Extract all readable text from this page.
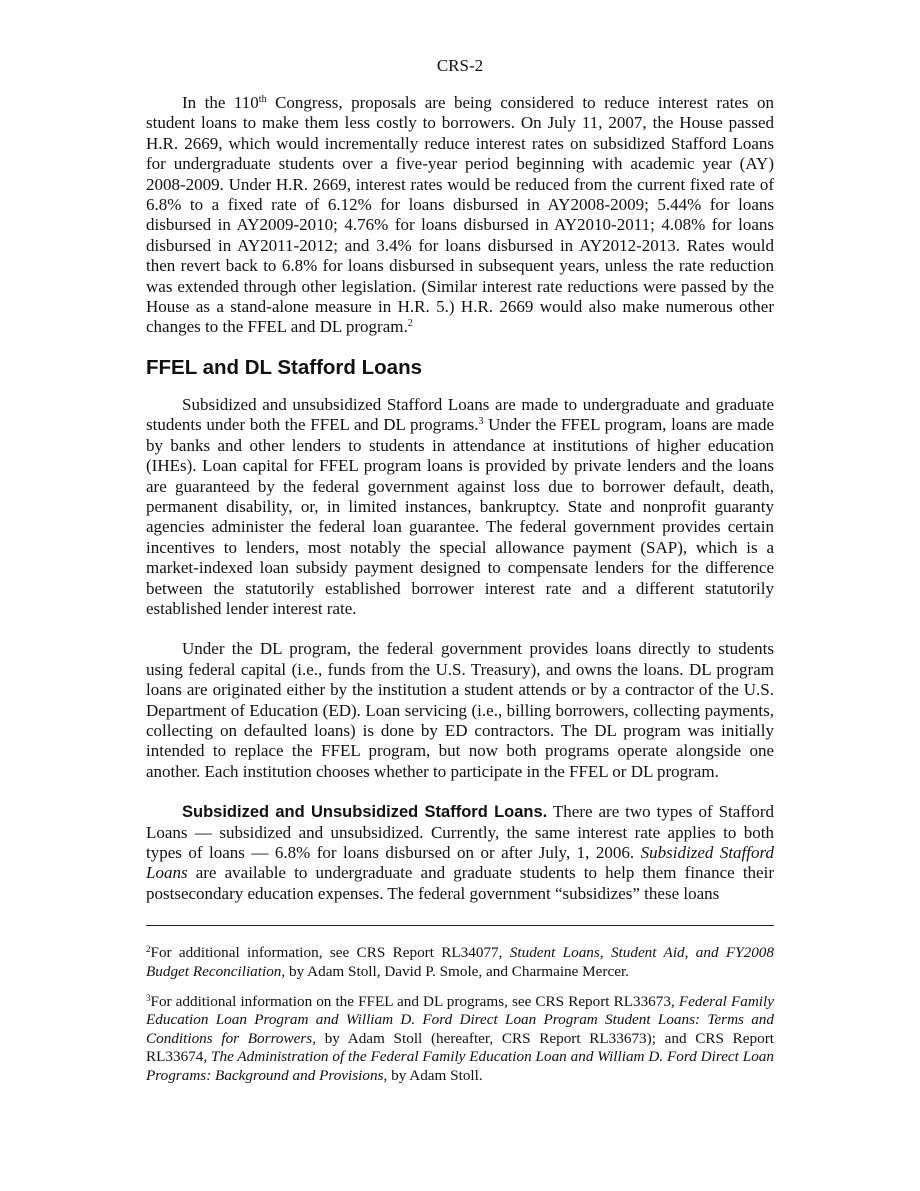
CRS-2

In the 110th Congress, proposals are being considered to reduce interest rates on student loans to make them less costly to borrowers. On July 11, 2007, the House passed H.R. 2669, which would incrementally reduce interest rates on subsidized Stafford Loans for undergraduate students over a five-year period beginning with academic year (AY) 2008-2009. Under H.R. 2669, interest rates would be reduced from the current fixed rate of 6.8% to a fixed rate of 6.12% for loans disbursed in AY2008-2009; 5.44% for loans disbursed in AY2009-2010; 4.76% for loans disbursed in AY2010-2011; 4.08% for loans disbursed in AY2011-2012; and 3.4% for loans disbursed in AY2012-2013. Rates would then revert back to 6.8% for loans disbursed in subsequent years, unless the rate reduction was extended through other legislation. (Similar interest rate reductions were passed by the House as a stand-alone measure in H.R. 5.) H.R. 2669 would also make numerous other changes to the FFEL and DL program.$^2$

FFEL and DL Stafford Loans

Subsidized and unsubsidized Stafford Loans are made to undergraduate and graduate students under both the FFEL and DL programs.$^3$ Under the FFEL program, loans are made by banks and other lenders to students in attendance at institutions of higher education (IHEs). Loan capital for FFEL program loans is provided by private lenders and the loans are guaranteed by the federal government against loss due to borrower default, death, permanent disability, or, in limited instances, bankruptcy. State and nonprofit guaranty agencies administer the federal loan guarantee. The federal government provides certain incentives to lenders, most notably the special allowance payment (SAP), which is a market-indexed loan subsidy payment designed to compensate lenders for the difference between the statutorily established borrower interest rate and a different statutorily established lender interest rate.

Under the DL program, the federal government provides loans directly to students using federal capital (i.e., funds from the U.S. Treasury), and owns the loans. DL program loans are originated either by the institution a student attends or by a contractor of the U.S. Department of Education (ED). Loan servicing (i.e., billing borrowers, collecting payments, collecting on defaulted loans) is done by ED contractors. The DL program was initially intended to replace the FFEL program, but now both programs operate alongside one another. Each institution chooses whether to participate in the FFEL or DL program.

Subsidized and Unsubsidized Stafford Loans. There are two types of Stafford Loans — subsidized and unsubsidized. Currently, the same interest rate applies to both types of loans — 6.8% for loans disbursed on or after July, 1, 2006. Subsidized Stafford Loans are available to undergraduate and graduate students to help them finance their postsecondary education expenses. The federal government “subsidizes” these loans

$^2$For additional information, see CRS Report RL34077, Student Loans, Student Aid, and FY2008 Budget Reconciliation, by Adam Stoll, David P. Smole, and Charmaine Mercer.

$^3$For additional information on the FFEL and DL programs, see CRS Report RL33673, Federal Family Education Loan Program and William D. Ford Direct Loan Program Student Loans: Terms and Conditions for Borrowers, by Adam Stoll (hereafter, CRS Report RL33673); and CRS Report RL33674, The Administration of the Federal Family Education Loan and William D. Ford Direct Loan Programs: Background and Provisions, by Adam Stoll.
